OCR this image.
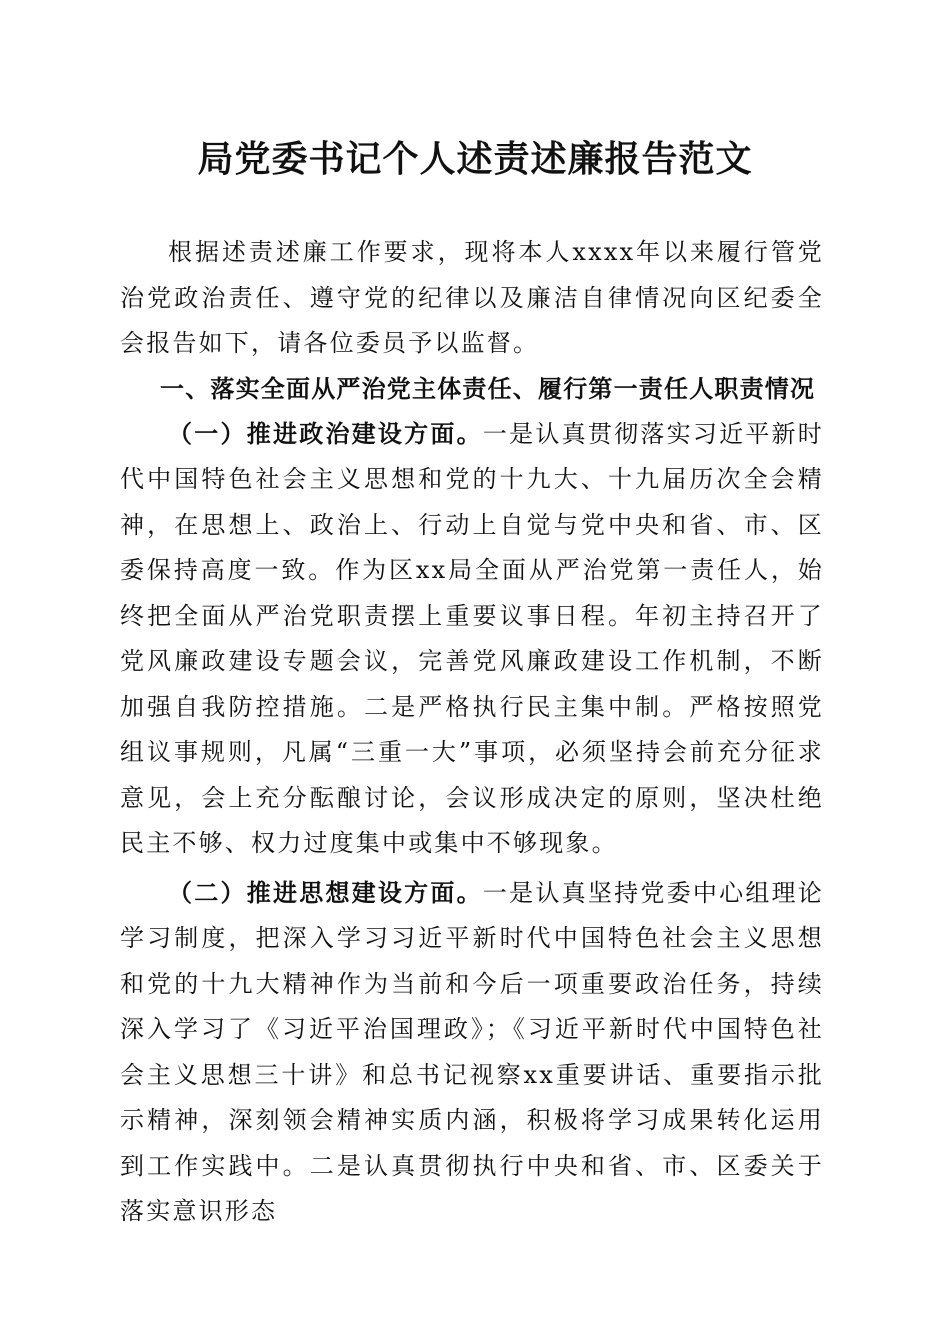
局党委书记个人述责述廉报告范文

根据述责述廉工作要求，现将本人xxxx年以来履行管党治党政治责任、遵守党的纪律以及廉洁自律情况向区纪委全会报告如下，请各位委员予以监督。

一、落实全面从严治党主体责任、履行第一责任人职责情况

（一）推进政治建设方面。一是认真贯彻落实习近平新时代中国特色社会主义思想和党的十九大、十九届历次全会精神，在思想上、政治上、行动上自觉与党中央和省、市、区委保持高度一致。作为区xx局全面从严治党第一责任人，始终把全面从严治党职责摆上重要议事日程。年初主持召开了党风廉政建设专题会议，完善党风廉政建设工作机制，不断加强自我防控措施。二是严格执行民主集中制。严格按照党组议事规则，凡属“三重一大”事项，必须坚持会前充分征求意见，会上充分酝酿讨论，会议形成决定的原则，坚决杜绝民主不够、权力过度集中或集中不够现象。

（二）推进思想建设方面。一是认真坚持党委中心组理论学习制度，把深入学习习近平新时代中国特色社会主义思想和党的十九大精神作为当前和今后一项重要政治任务，持续深入学习了《习近平治国理政》；《习近平新时代中国特色社会主义思想三十讲》和总书记视察xx重要讲话、重要指示批示精神，深刻领会精神实质内涵，积极将学习成果转化运用到工作实践中。二是认真贯彻执行中央和省、市、区委关于落实意识形态
